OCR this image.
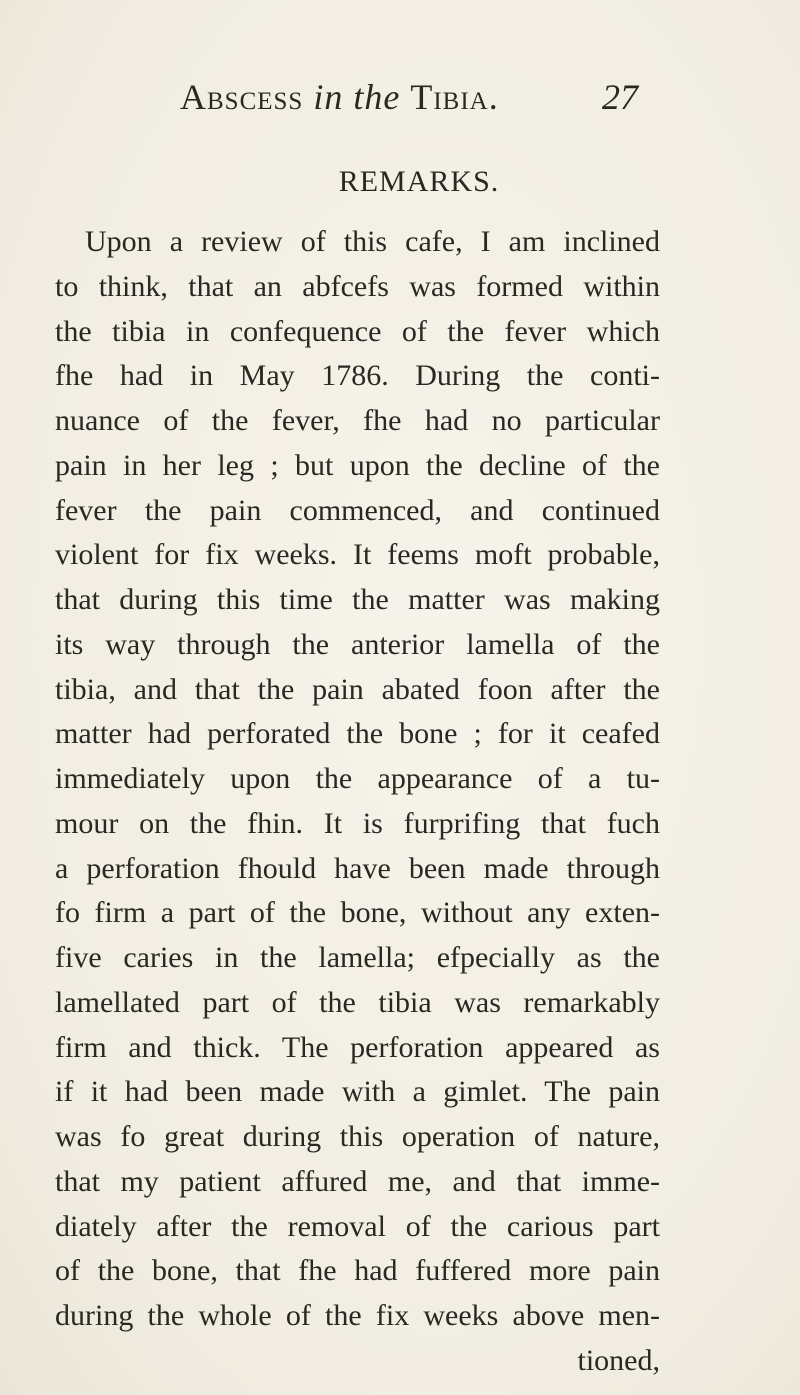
Abscess in the Tibia.	27
REMARKS.
Upon a review of this cafe, I am inclined
to think, that an abfcefs was formed within
the tibia in confequence of the fever which
fhe had in May 1786. During the conti-
nuance of the fever, fhe had no particular
pain in her leg ; but upon the decline of the
fever the pain commenced, and continued
violent for fix weeks. It feems moft probable,
that during this time the matter was making
its way through the anterior lamella of the
tibia, and that the pain abated foon after the
matter had perforated the bone ; for it ceafed
immediately upon the appearance of a tu-
mour on the fhin. It is furprifing that fuch
a perforation fhould have been made through
fo firm a part of the bone, without any exten-
five caries in the lamella; efpecially as the
lamellated part of the tibia was remarkably
firm and thick. The perforation appeared as
if it had been made with a gimlet. The pain
was fo great during this operation of nature,
that my patient affured me, and that imme-
diately after the removal of the carious part
of the bone, that fhe had fuffered more pain
during the whole of the fix weeks above men-
tioned,
